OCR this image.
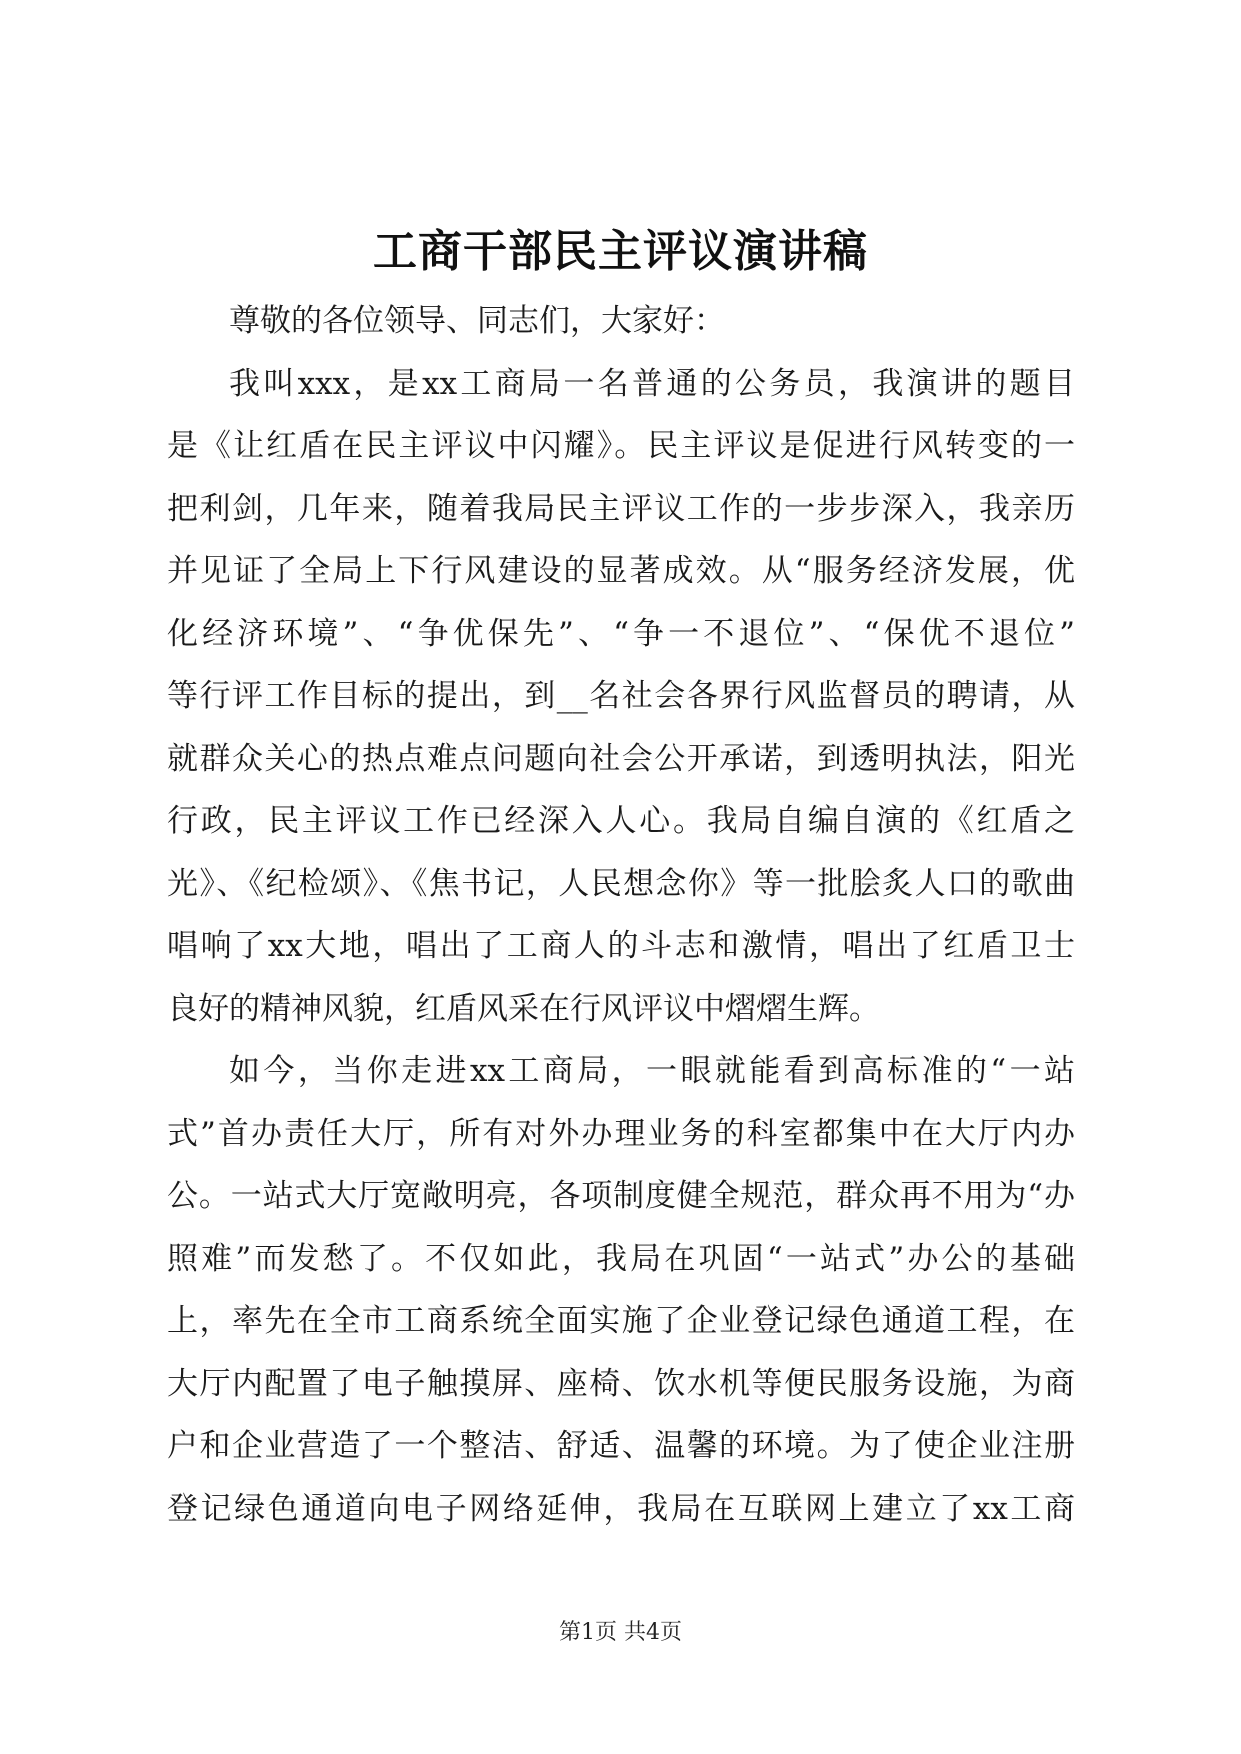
工商干部民主评议演讲稿
尊敬的各位领导、同志们，大家好：
我叫xxx，是xx工商局一名普通的公务员，我演讲的题目
是《让红盾在民主评议中闪耀》。民主评议是促进行风转变的一
把利剑，几年来，随着我局民主评议工作的一步步深入，我亲历
并见证了全局上下行风建设的显著成效。从“服务经济发展，优
化经济环境”、“争优保先”、“争一不退位”、“保优不退位”
等行评工作目标的提出，到__名社会各界行风监督员的聘请，从
就群众关心的热点难点问题向社会公开承诺，到透明执法，阳光
行政，民主评议工作已经深入人心。我局自编自演的《红盾之
光》、《纪检颂》、《焦书记，人民想念你》等一批脍炙人口的歌曲
唱响了xx大地，唱出了工商人的斗志和激情，唱出了红盾卫士
良好的精神风貌，红盾风采在行风评议中熠熠生辉。
如今，当你走进xx工商局，一眼就能看到高标准的“一站
式”首办责任大厅，所有对外办理业务的科室都集中在大厅内办
公。一站式大厅宽敞明亮，各项制度健全规范，群众再不用为“办
照难”而发愁了。不仅如此，我局在巩固“一站式”办公的基础
上，率先在全市工商系统全面实施了企业登记绿色通道工程，在
大厅内配置了电子触摸屏、座椅、饮水机等便民服务设施，为商
户和企业营造了一个整洁、舒适、温馨的环境。为了使企业注册
登记绿色通道向电子网络延伸，我局在互联网上建立了xx工商
第1页 共4页
